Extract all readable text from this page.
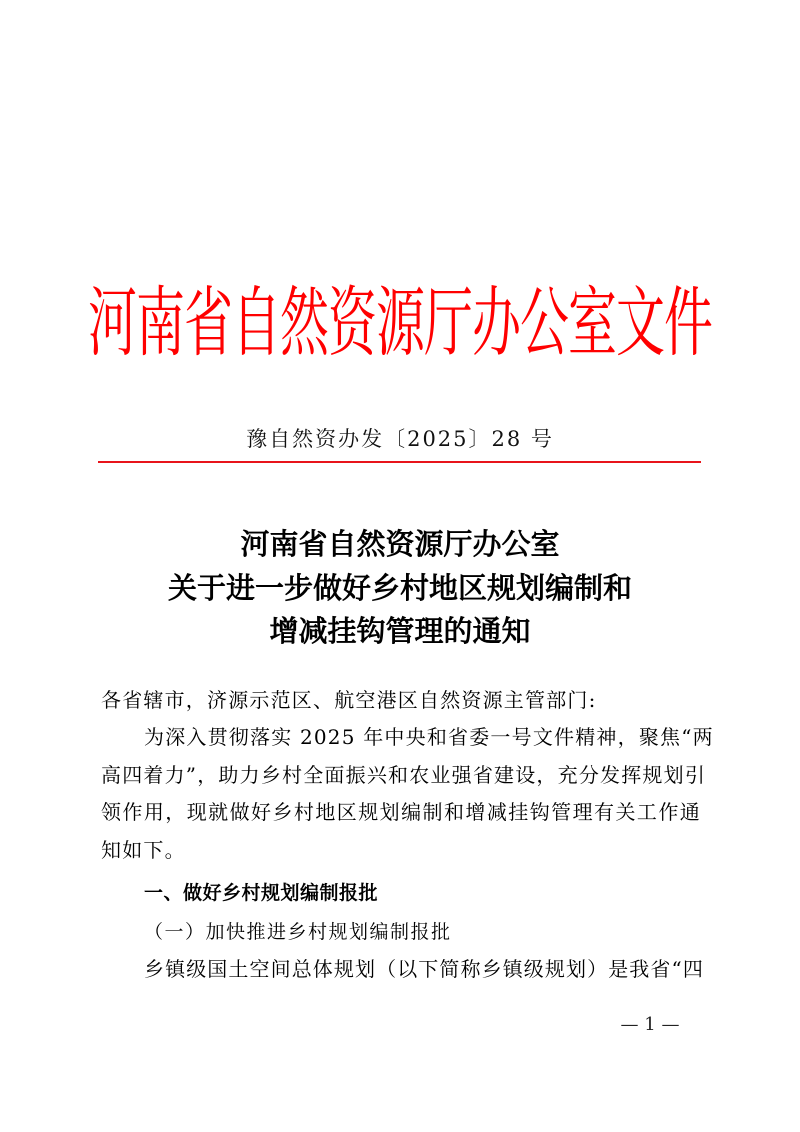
河南省自然资源厅办公室文件
豫自然资办发〔2025〕28 号
河南省自然资源厅办公室
关于进一步做好乡村地区规划编制和
增减挂钩管理的通知
各省辖市，济源示范区、航空港区自然资源主管部门:
为深入贯彻落实 2025 年中央和省委一号文件精神，聚焦“两
高四着力”，助力乡村全面振兴和农业强省建设，充分发挥规划引
领作用，现就做好乡村地区规划编制和增减挂钩管理有关工作通
知如下。
一、做好乡村规划编制报批
（一）加快推进乡村规划编制报批
乡镇级国土空间总体规划（以下简称乡镇级规划）是我省“四
— 1 —
